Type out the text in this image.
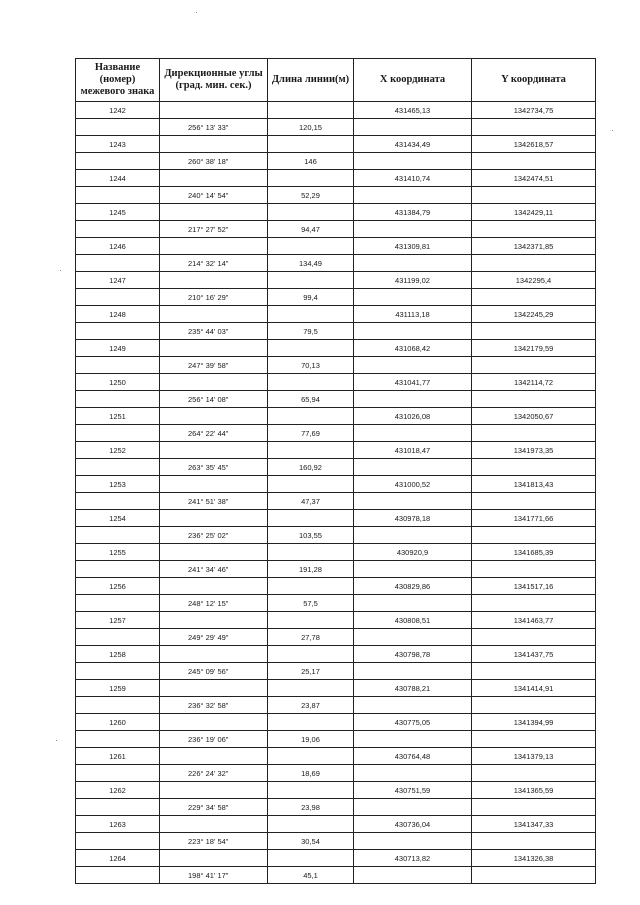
Название (номер) межевого знака	Дирекционные углы (град. мин. сек.)	Длина линии(м)	X координата	Y координата
1242			431465,13	1342734,75
	256° 13' 33"	120,15		
1243			431434,49	1342618,57
	260° 38' 18"	146		
1244			431410,74	1342474,51
	240° 14' 54"	52,29		
1245			431384,79	1342429,11
	217° 27' 52"	94,47		
1246			431309,81	1342371,85
	214° 32' 14"	134,49		
1247			431199,02	1342295,4
	210° 16' 29"	99,4		
1248			431113,18	1342245,29
	235° 44' 03"	79,5		
1249			431068,42	1342179,59
	247° 39' 58"	70,13		
1250			431041,77	1342114,72
	256° 14' 08"	65,94		
1251			431026,08	1342050,67
	264° 22' 44"	77,69		
1252			431018,47	1341973,35
	263° 35' 45"	160,92		
1253			431000,52	1341813,43
	241° 51' 38"	47,37		
1254			430978,18	1341771,66
	236° 25' 02"	103,55		
1255			430920,9	1341685,39
	241° 34' 46"	191,28		
1256			430829,86	1341517,16
	248° 12' 15"	57,5		
1257			430808,51	1341463,77
	249° 29' 49"	27,78		
1258			430798,78	1341437,75
	245° 09' 56"	25,17		
1259			430788,21	1341414,91
	236° 32' 58"	23,87		
1260			430775,05	1341394,99
	236° 19' 06"	19,06		
1261			430764,48	1341379,13
	226° 24' 32"	18,69		
1262			430751,59	1341365,59
	229° 34' 58"	23,98		
1263			430736,04	1341347,33
	223° 18' 54"	30,54		
1264			430713,82	1341326,38
	198° 41' 17"	45,1		
